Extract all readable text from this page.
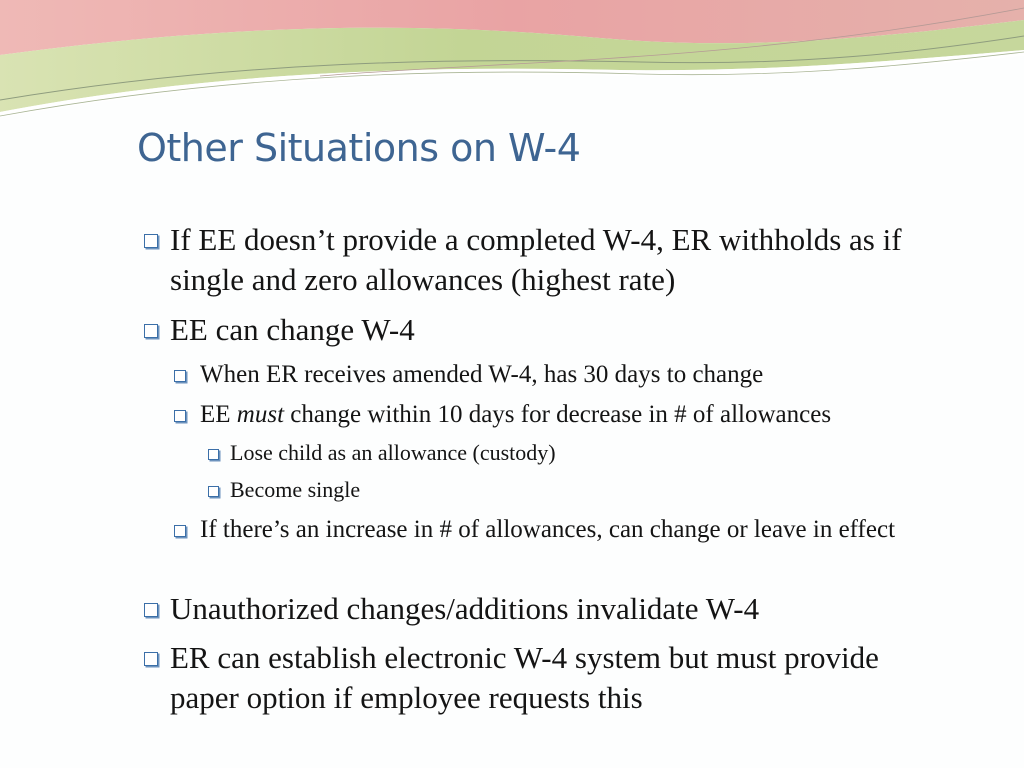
Other Situations on W-4
If EE doesn’t provide a completed W-4, ER withholds as if single and zero allowances (highest rate)
EE can change W-4
When ER receives amended W-4, has 30 days to change
EE must change within 10 days for decrease in # of allowances
Lose child as an allowance (custody)
Become single
If there’s an increase in # of allowances, can change or leave in effect
Unauthorized changes/additions invalidate W-4
ER can establish electronic W-4 system but must provide paper option if employee requests this
